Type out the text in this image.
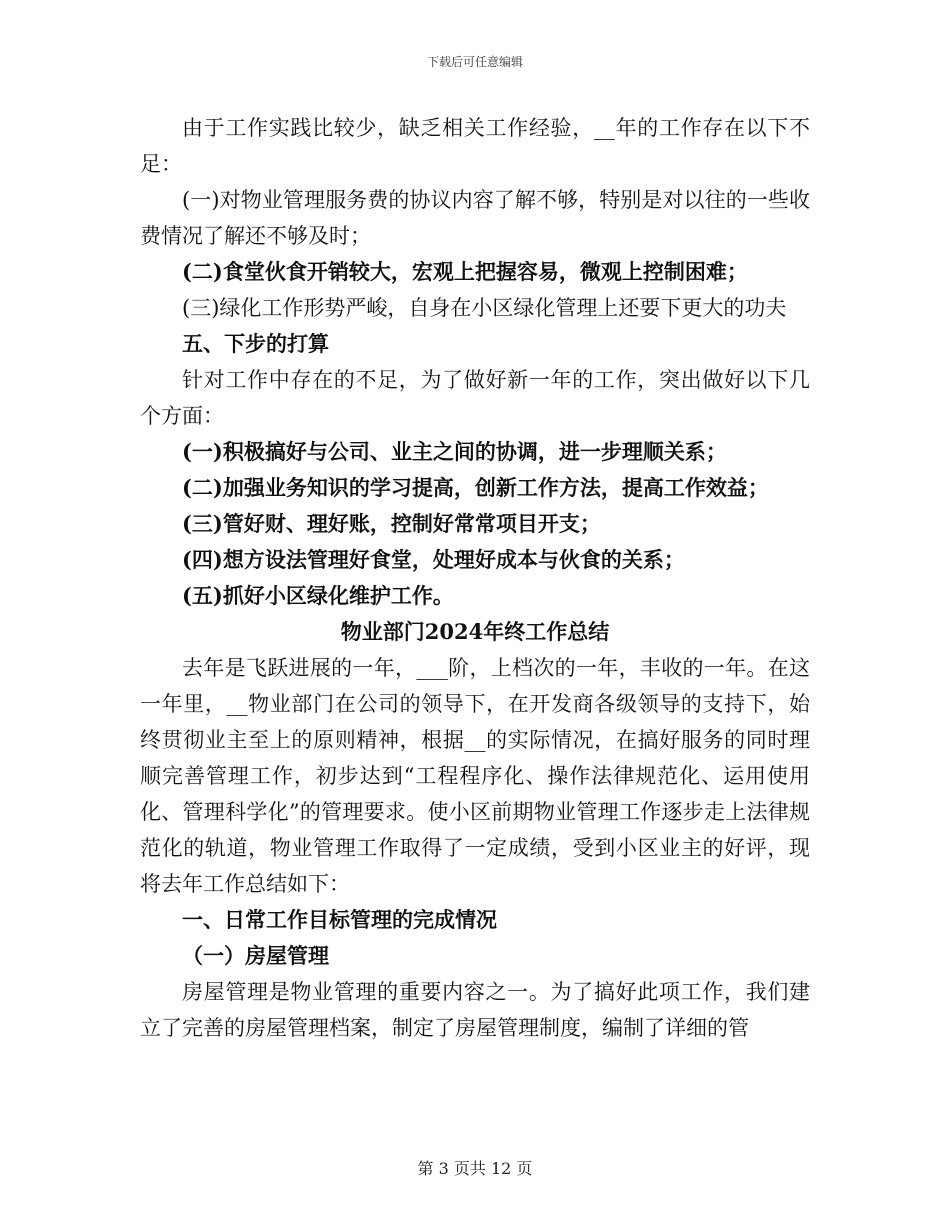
下载后可任意编辑

由于工作实践比较少，缺乏相关工作经验，__年的工作存在以下不足：

(一)对物业管理服务费的协议内容了解不够，特别是对以往的一些收费情况了解还不够及时；

(二)食堂伙食开销较大，宏观上把握容易，微观上控制困难；

(三)绿化工作形势严峻，自身在小区绿化管理上还要下更大的功夫

五、下步的打算

针对工作中存在的不足，为了做好新一年的工作，突出做好以下几个方面：

(一)积极搞好与公司、业主之间的协调，进一步理顺关系；

(二)加强业务知识的学习提高，创新工作方法，提高工作效益；

(三)管好财、理好账，控制好常常项目开支；

(四)想方设法管理好食堂，处理好成本与伙食的关系；

(五)抓好小区绿化维护工作。

物业部门2024年终工作总结

去年是飞跃进展的一年，___阶，上档次的一年，丰收的一年。在这一年里，__物业部门在公司的领导下，在开发商各级领导的支持下，始终贯彻业主至上的原则精神，根据__的实际情况，在搞好服务的同时理顺完善管理工作，初步达到“工程程序化、操作法律规范化、运用使用化、管理科学化”的管理要求。使小区前期物业管理工作逐步走上法律规范化的轨道，物业管理工作取得了一定成绩，受到小区业主的好评，现将去年工作总结如下：

一、日常工作目标管理的完成情况

（一）房屋管理

房屋管理是物业管理的重要内容之一。为了搞好此项工作，我们建立了完善的房屋管理档案，制定了房屋管理制度，编制了详细的管

第 3 页共 12 页
